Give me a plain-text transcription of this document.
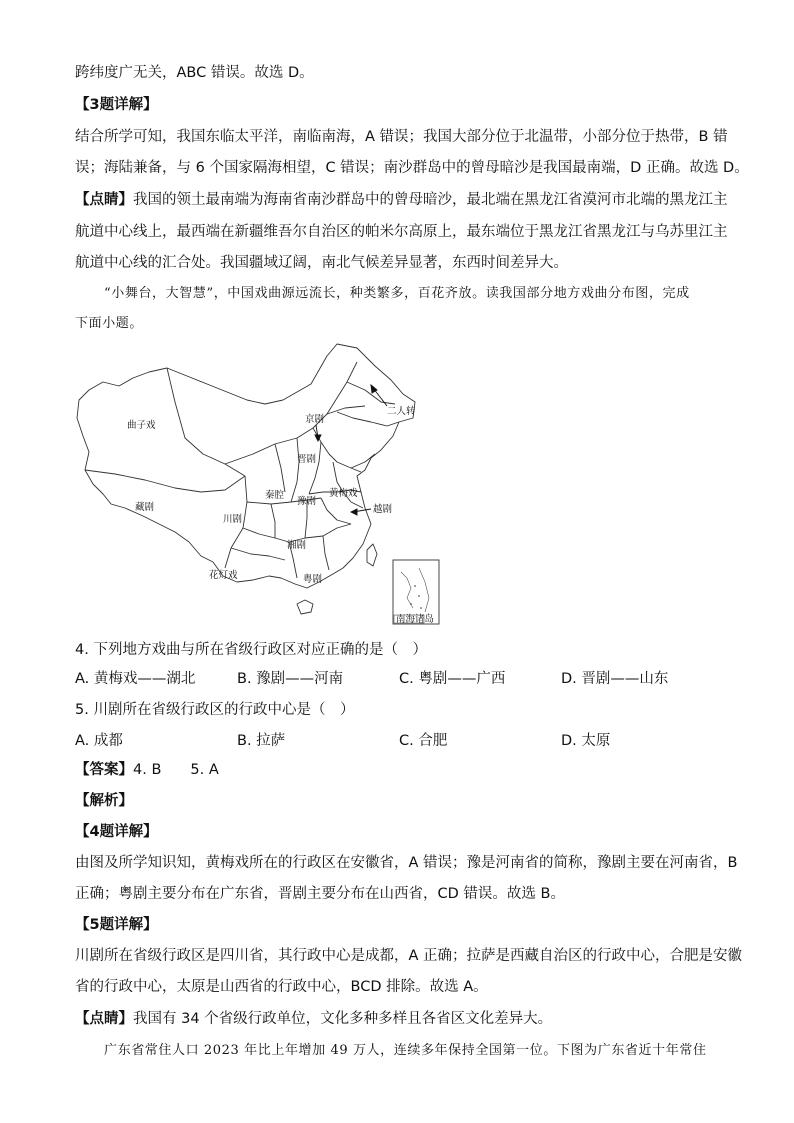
跨纬度广无关，ABC 错误。故选 D。
【3题详解】
结合所学可知，我国东临太平洋，南临南海，A 错误；我国大部分位于北温带，小部分位于热带，B 错
误；海陆兼备，与 6 个国家隔海相望，C 错误；南沙群岛中的曾母暗沙是我国最南端，D 正确。故选 D。
【点睛】我国的领土最南端为海南省南沙群岛中的曾母暗沙，最北端在黑龙江省漠河市北端的黑龙江主
航道中心线上，最西端在新疆维吾尔自治区的帕米尔高原上，最东端位于黑龙江省黑龙江与乌苏里江主
航道中心线的汇合处。我国疆域辽阔，南北气候差异显著，东西时间差异大。
“小舞台，大智慧”，中国戏曲源远流长，种类繁多，百花齐放。读我国部分地方戏曲分布图，完成
下面小题。
南海诸岛
曲子戏
京剧
二人转
晋剧
秦腔
豫剧
黄梅戏
藏剧
川剧
越剧
湘剧
花灯戏	粤剧
4. 下列地方戏曲与所在省级行政区对应正确的是（　）
A. 黄梅戏——湖北	B. 豫剧——河南	C. 粤剧——广西	D. 晋剧——山东
5. 川剧所在省级行政区的行政中心是（　）
A. 成都	B. 拉萨	C. 合肥	D. 太原
【答案】4. B　　5. A
【解析】
【4题详解】
由图及所学知识知，黄梅戏所在的行政区在安徽省，A 错误；豫是河南省的简称，豫剧主要在河南省，B
正确；粤剧主要分布在广东省，晋剧主要分布在山西省，CD 错误。故选 B。
【5题详解】
川剧所在省级行政区是四川省，其行政中心是成都，A 正确；拉萨是西藏自治区的行政中心，合肥是安徽
省的行政中心，太原是山西省的行政中心，BCD 排除。故选 A。
【点睛】我国有 34 个省级行政单位，文化多种多样且各省区文化差异大。
广东省常住人口 2023 年比上年增加 49 万人，连续多年保持全国第一位。下图为广东省近十年常住
